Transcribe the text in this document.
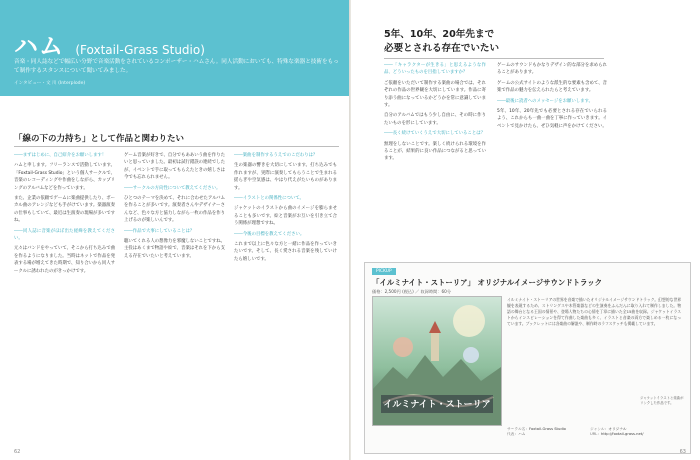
ハム (Foxtail-Grass Studio)
音楽・同人誌などで幅広い分野で音楽活動をされているコンポーザー・ハムさん。同人活動においても、特殊な楽器と技術をもって制作するスタンスについて聞いてみました。
インタビュー・文 川 (Interplode)
「線の下の力持ち」として作品と関わりたい

――まずはじめに、自己紹介をお願いします！

ハムと申します。フリーランスで活動しています。「Foxtail-Grass Studio」という個人サークルで、音楽のレコーディングや作曲をしながら、カップリングのアルバムなどを作っています。

また、企業の依頼でゲームに楽曲提供したり、ボーカル曲のアレンジなども手がけています。楽器演奏の仕事もしていて、最近は生演奏の現場が多いですね。

――同人誌に音楽がほぼ出た経緯を教えてください。

元々はバンドをやっていて、そこから打ち込みで曲を作るようになりました。当時はネットで作品を発表する場が増えてきた時期で、知り合いから同人サークルに誘われたのがきっかけです。

ゲーム音楽が好きで、自分でもああいう曲を作りたいと思っていました。最初は試行錯誤の連続でしたが、イベントで手に取ってもらえたときの嬉しさは今でも忘れられません。

――サークルの方向性について教えてください。

ひとつのテーマを決めて、それに合わせたアルバムを作ることが多いです。演奏者さんやデザイナーさんなど、色々な方と協力しながら一枚の作品を作り上げるのが楽しいんです。

――作品で大事にしていることは？

聴いてくれる人の想像力を邪魔しないことですね。主役はあくまで物語や絵で、音楽はそれを下から支える存在でいたいと考えています。

――楽曲を制作するうえでのこだわりは？

生の楽器の響きを大切にしています。打ち込みでも作れますが、実際に演奏してもらうことで生まれる揺らぎや空気感は、やはり代えがたいものがあります。

――イラストとの関係性について。

ジャケットのイラストから曲のイメージを膨らませることも多いです。絵と音楽がお互いを引き立て合う関係が理想ですね。

――今後の目標を教えてください。

これまで以上に色々な方と一緒に作品を作っていきたいです。そして、長く愛される音楽を残していけたら嬉しいです。

62
5年、10年、20年先まで
必要とされる存在でいたい

――「キャラクターが生きる」と思えるような作品、どういったものを目指していますか？

ご依頼をいただいて制作する楽曲の場合では、それぞれの作品の世界観を大切にしています。作品に寄り添う曲になっているかどうかを常に意識しています。

自分のアルバムではもう少し自由に、その時に作りたいものを形にしています。

――長く続けていくうえで大切にしていることは？

無理をしないことです。楽しく続けられる環境を作ることが、結果的に良い作品につながると思っています。

ゲームのサウンドもかなりデザイン的な部分を求められることがあります。

ゲームの公式サイトのような派生的な要素も含めて、音楽で作品の魅力を伝えられたらと考えています。

――最後に読者へのメッセージをお願いします。

5年、10年、20年先でも必要とされる存在でいられるよう、これからも一曲一曲を丁寧に作っていきます。イベントで見かけたら、ぜひ気軽に声をかけてください。

PICKUP
「イルミナイト・ストーリア」 オリジナルイメージサウンドトラック
価格：2,500円 (税込) ／ 収録時間：60分
イルミナイト・ストーリア
イルミナイト・ストーリアの世界を音楽で描いたオリジナルイメージサウンドトラック。幻想的な世界観を表現するため、ストリングスや木管楽器などの生演奏をふんだんに取り入れて制作しました。物語の舞台となる王国の情景や、登場人物たちの心情を丁寧に描いた全15曲を収録。ジャケットイラストからインスピレーションを得て作曲した楽曲も多く、イラストと音楽の両方で楽しめる一枚になっています。ブックレットには各楽曲の解説や、制作時のラフスケッチも掲載しています。
ジャケットイラストと楽曲がリンクした作品です。
サークル名：Foxtail-Grass Studio
代表：ハム
ジャンル：オリジナル
URL：http://foxtail-grass.net/
63
